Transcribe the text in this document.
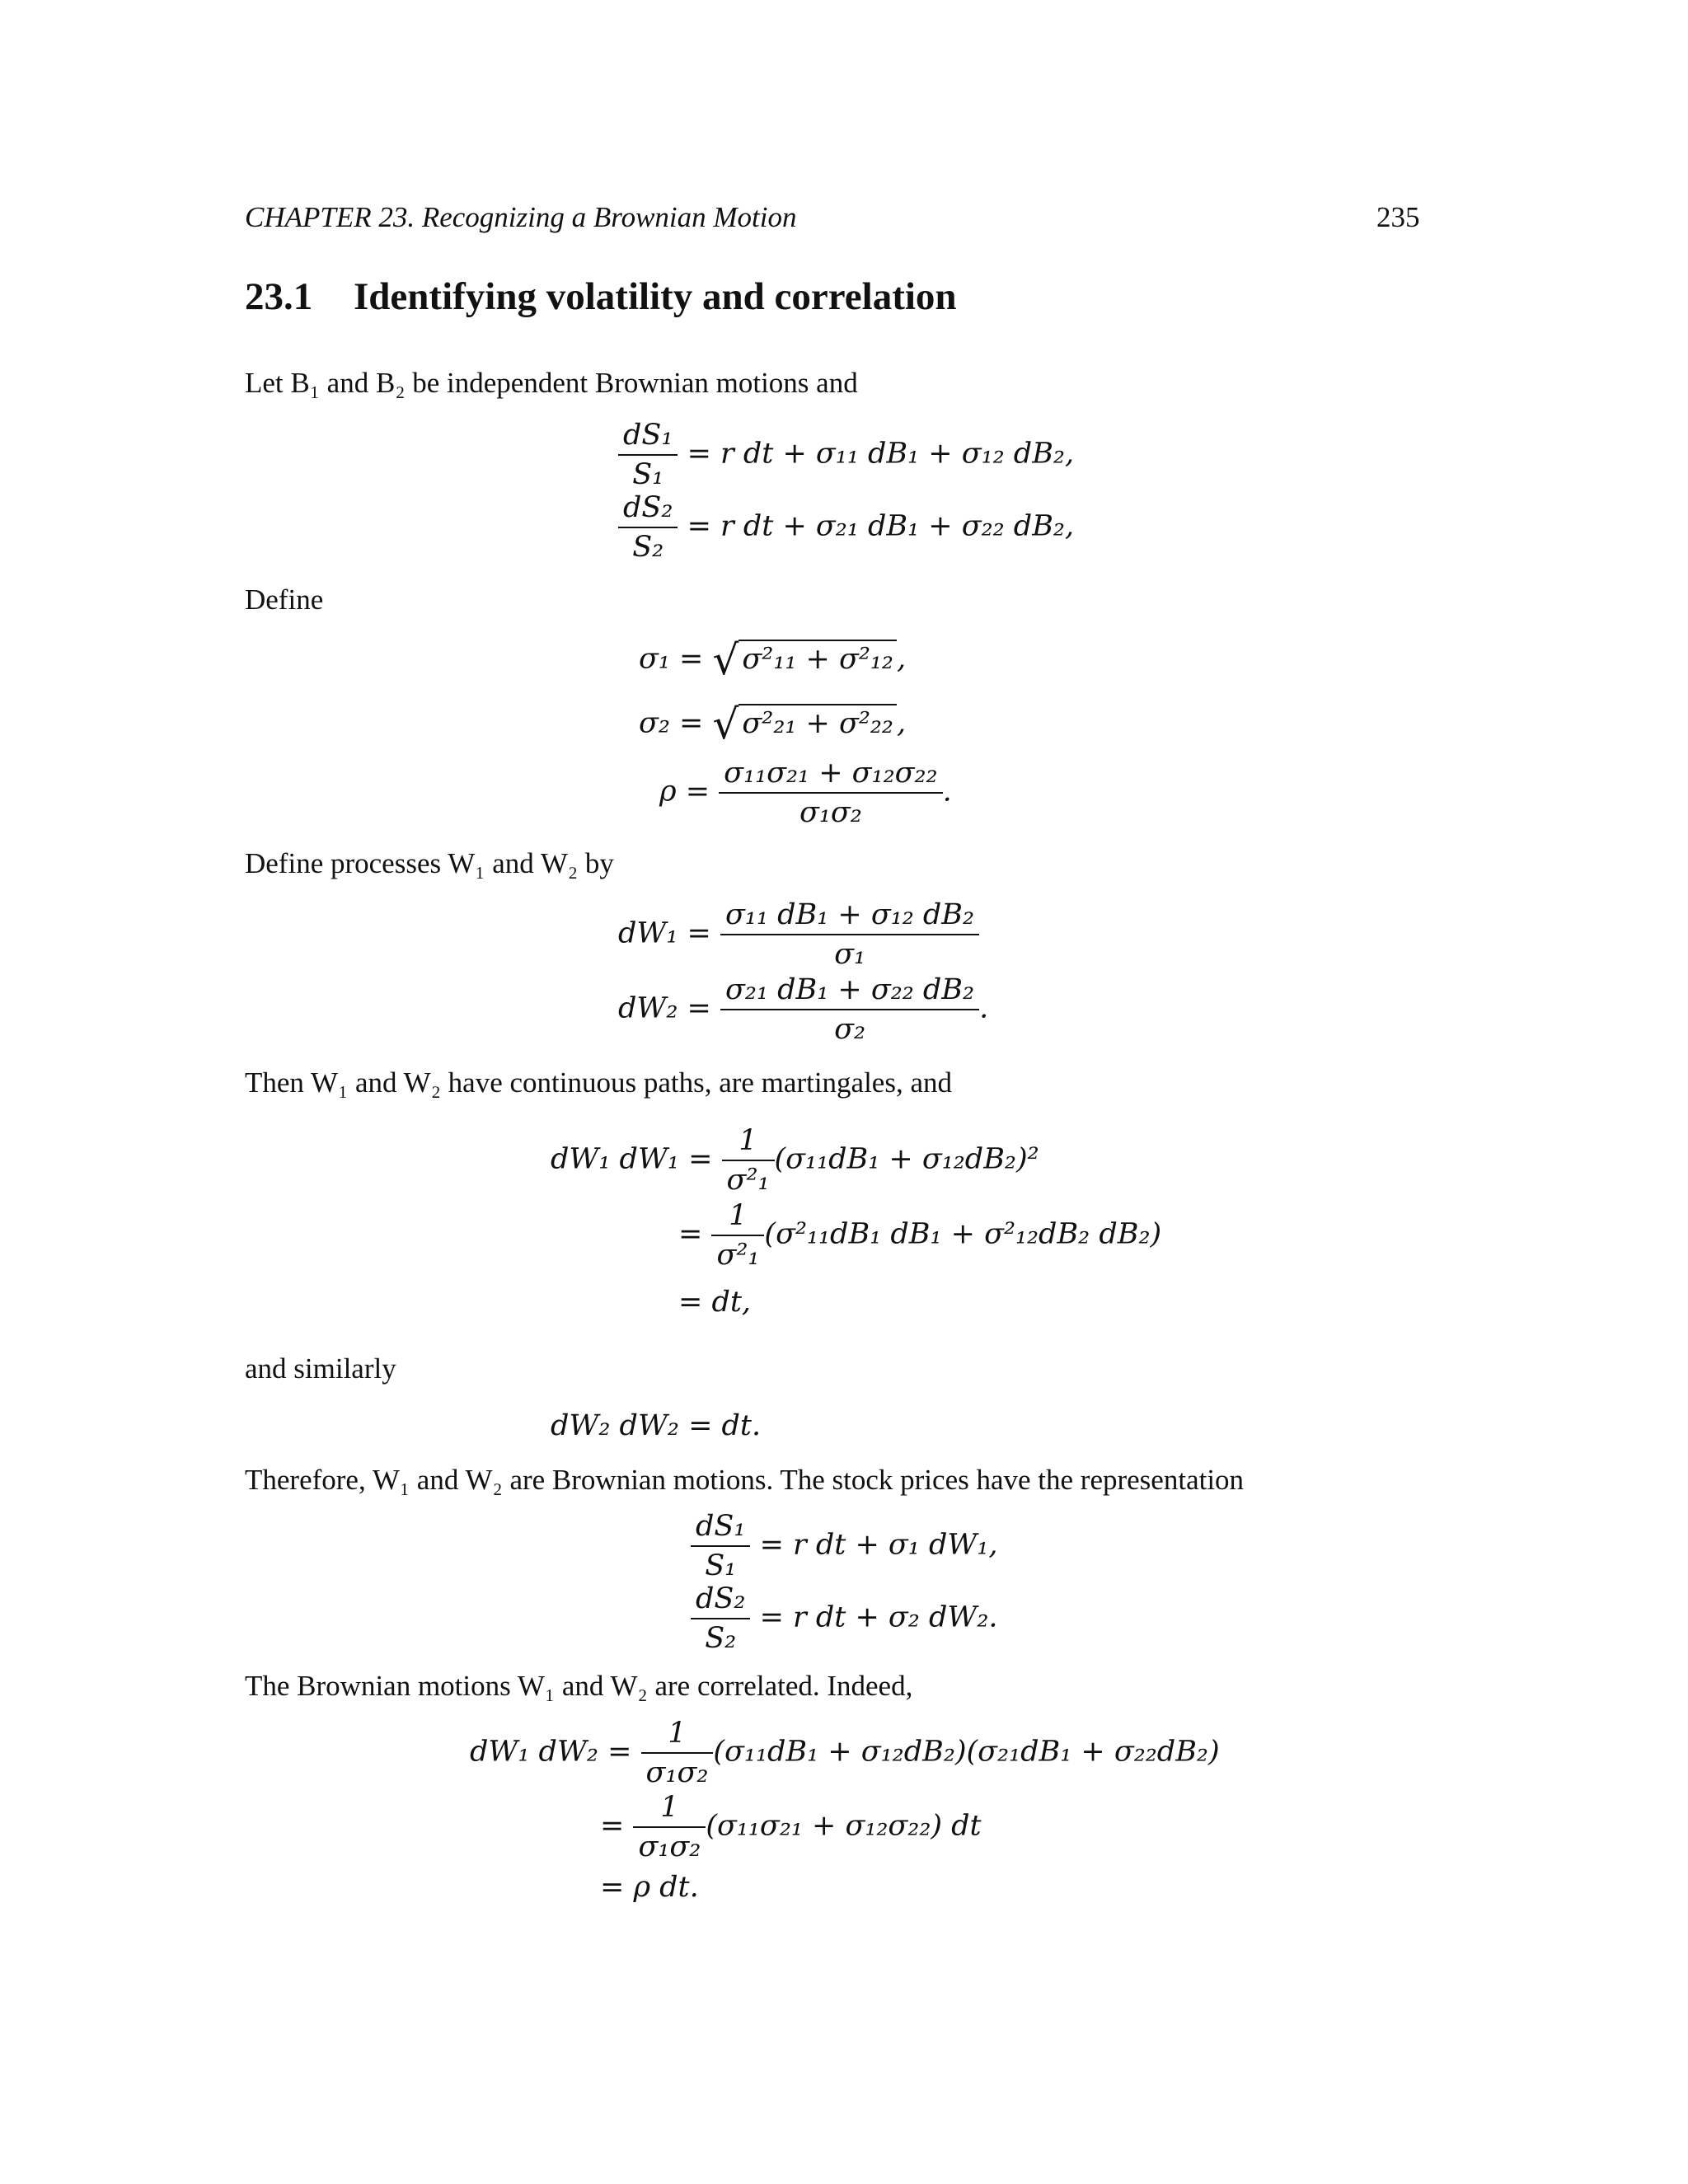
CHAPTER 23. Recognizing a Brownian Motion	235
23.1 Identifying volatility and correlation
Let B₁ and B₂ be independent Brownian motions and
$\frac{\text{dS₁}}{\text{S₁}} = r$ dt + σ₁₁ dB₁ + σ₁₂ dB₂,
$\frac{\text{dS₂}}{\text{S₂}} = r$ dt + σ₂₁ dB₁ + σ₂₂ dB₂,
Define
σ₁ = √ σ²₁₁ + σ²₁₂ ,
σ₂ = √ σ²₂₁ + σ²₂₂ ,
$\rho = \frac{\text{σ₁₁σ₂₁ + σ₁₂σ₂₂}}{\text{σ₁σ₂}}$ .
Define processes W₁ and W₂ by
$dW_1 = \frac{\text{σ₁₁ dB₁ + σ₁₂ dB₂}}{\text{σ₁}}$
$dW_2 = \frac{\text{σ₂₁ dB₁ + σ₂₂ dB₂}}{\text{σ₂}}$ .
Then W₁ and W₂ have continuous paths, are martingales, and
dW₁ $dW_1 = \frac{1}{\text{σ²₁}} (\sigma_{11}dB_1 + \sigma_{12}dB_2)^2$
= $\frac{1}{\text{σ²₁}} (\sigma^2_{11}dB_1$ dB₁ + σ²₁₂dB₂ dB₂)
= dt,
and similarly
dW₂ dW₂ = dt.
Therefore, W₁ and W₂ are Brownian motions. The stock prices have the representation
$\frac{\text{dS₁}}{\text{S₁}} = r$ dt + σ₁ dW₁,
$\frac{\text{dS₂}}{\text{S₂}} = r$ dt + σ₂ dW₂.
The Brownian motions W₁ and W₂ are correlated. Indeed,
dW₁ $dW_2 = \frac{1}{\text{σ₁σ₂}} (\sigma_{11}dB_1 + \sigma_{12}dB_2)(\sigma_{21}dB_1 + \sigma_{22}dB_2)$
= $\frac{1}{\text{σ₁σ₂}} (\sigma_{11}\sigma_{21} + \sigma_{12}\sigma_{22})$ dt
= ρ dt.
